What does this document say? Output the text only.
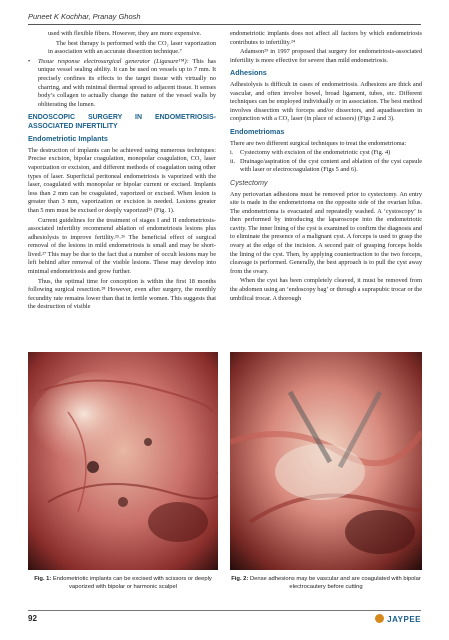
Puneet K Kochhar, Pranay Ghosh

used with flexible fibers. However, they are more expensive.

The best therapy is performed with the CO₂ laser vaporization in association with an accurate dissection technique.⁷

• Tissue response electrosurgical generator (Ligasure™): This has unique vessel sealing ability. It can be used on vessels up to 7 mm. It precisely confines its effects to the target tissue with virtually no charring, and with minimal thermal spread to adjacent tissue. It senses body’s collagen to actually change the nature of the vessel walls by obliterating the lumen.

ENDOSCOPIC SURGERY IN ENDOMETRIOSIS-ASSOCIATED INFERTILITY
Endometriotic Implants

The destruction of implants can be achieved using numerous techniques: Precise excision, bipolar coagulation, monopolar coagulation, CO₂ laser vaporization or excision, and different methods of coagulation using other types of laser. Superficial peritoneal endometriosis is vaporized with the laser, coagulated with monopolar or bipolar current or excised. Implants less than 2 mm can be coagulated, vaporized or excised. When lesion is greater than 3 mm, vaporization or excision is needed. Lesions greater than 5 mm must be excised or deeply vaporized¹⁵ (Fig. 1).

Current guidelines for the treatment of stages I and II endometriosis-associated infertility recommend ablation of endometriosis lesions plus adhesiolysis to improve fertility.²⁵˒²⁶ The beneficial effect of surgical removal of the lesions in mild endometriosis is small and may be short-lived.²⁷ This may be due to the fact that a number of occult lesions may be left behind after removal of the visible lesions. These may develop into minimal endometriosis and grow further.

Thus, the optimal time for conception is within the first 18 months following surgical resection.²⁸ However, even after surgery, the monthly fecundity rate remains lower than that in fertile women. This suggests that the destruction of visible

endometriotic implants does not affect all factors by which endometriosis contributes to infertility.²⁴

Adamson²⁹ in 1997 proposed that surgery for endometriosis-associated infertility is more effective for severe than mild endometriosis.

Adhesions

Adhesiolysis is difficult in cases of endometriosis. Adhesions are thick and vascular, and often involve bowel, broad ligament, tubes, etc. Different techniques can be employed individually or in association. The best method involves dissection with forceps and/or dissectors, and aquadissection in conjunction with a CO₂ laser (in place of scissors) (Figs 2 and 3).

Endometriomas

There are two different surgical techniques to treat the endometrioma:

i. Cystectomy with excision of the endometriotic cyst (Fig. 4)
ii. Drainage/aspiration of the cyst content and ablation of the cyst capsule with laser or electrocoagulation (Figs 5 and 6).
Cystectomy

Any periovarian adhesions must be removed prior to cystectomy. An entry site is made in the endometrioma on the opposite side of the ovarian hilus. The endometrioma is evacuated and repeatedly washed. A ‘cystoscopy’ is then performed by introducing the laparoscope into the endometriotic cavity. The inner lining of the cyst is examined to confirm the diagnosis and to eliminate the presence of a malignant cyst. A forceps is used to grasp the ovary at the edge of the incision. A second pair of grasping forceps holds the lining of the cyst. Then, by applying countertraction to the two forceps, cleavage is performed. Generally, the best approach is to pull the cyst away from the ovary.

When the cyst has been completely cleaved, it must be removed from the abdomen using an ‘endoscopy bag’ or through a suprapubic trocar or the umbilical trocar. A thorough

Fig. 1: Endometriotic implants can be excised with scissors or deeply vaporized with bipolar or harmonic scalpel
Fig. 2: Dense adhesions may be vascular and are coagulated with bipolar electrocautery before cutting
92	JAYPEE
